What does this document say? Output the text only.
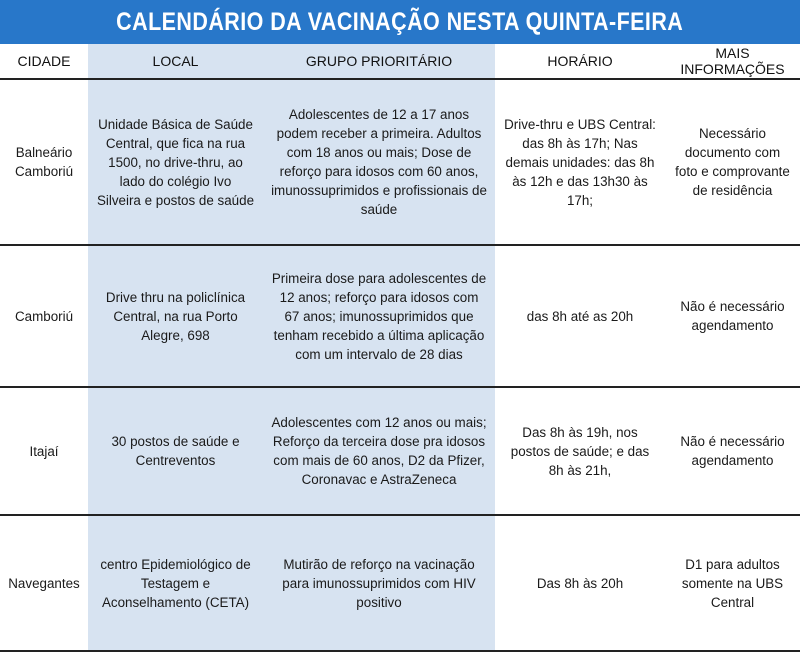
CALENDÁRIO DA VACINAÇÃO NESTA QUINTA-FEIRA
CIDADE	LOCAL	GRUPO PRIORITÁRIO	HORÁRIO	MAIS INFORMAÇÕES

Balneário Camboriú	Unidade Básica de Saúde Central, que fica na rua 1500, no drive-thru, ao lado do colégio Ivo Silveira e postos de saúde	Adolescentes de 12 a 17 anos podem receber a primeira. Adultos com 18 anos ou mais; Dose de reforço para idosos com 60 anos, imunossuprimidos e profissionais de saúde	Drive-thru e UBS Central: das 8h às 17h; Nas demais unidades: das 8h às 12h e das 13h30 às 17h;	Necessário documento com foto e comprovante de residência

Camboriú	Drive thru na policlínica Central, na rua Porto Alegre, 698	Primeira dose para adolescentes de 12 anos; reforço para idosos com 67 anos; imunossuprimidos que tenham recebido a última aplicação com um intervalo de 28 dias	das 8h até as 20h	Não é necessário agendamento

Itajaí	30 postos de saúde e Centreventos	Adolescentes com 12 anos ou mais; Reforço da terceira dose pra idosos com mais de 60 anos, D2 da Pfizer, Coronavac e AstraZeneca	Das 8h às 19h, nos postos de saúde; e das 8h às 21h,	Não é necessário agendamento

Navegantes	centro Epidemiológico de Testagem e Aconselhamento (CETA)	Mutirão de reforço na vacinação para imunossuprimidos com HIV positivo	Das 8h às 20h	D1 para adultos somente na UBS Central
